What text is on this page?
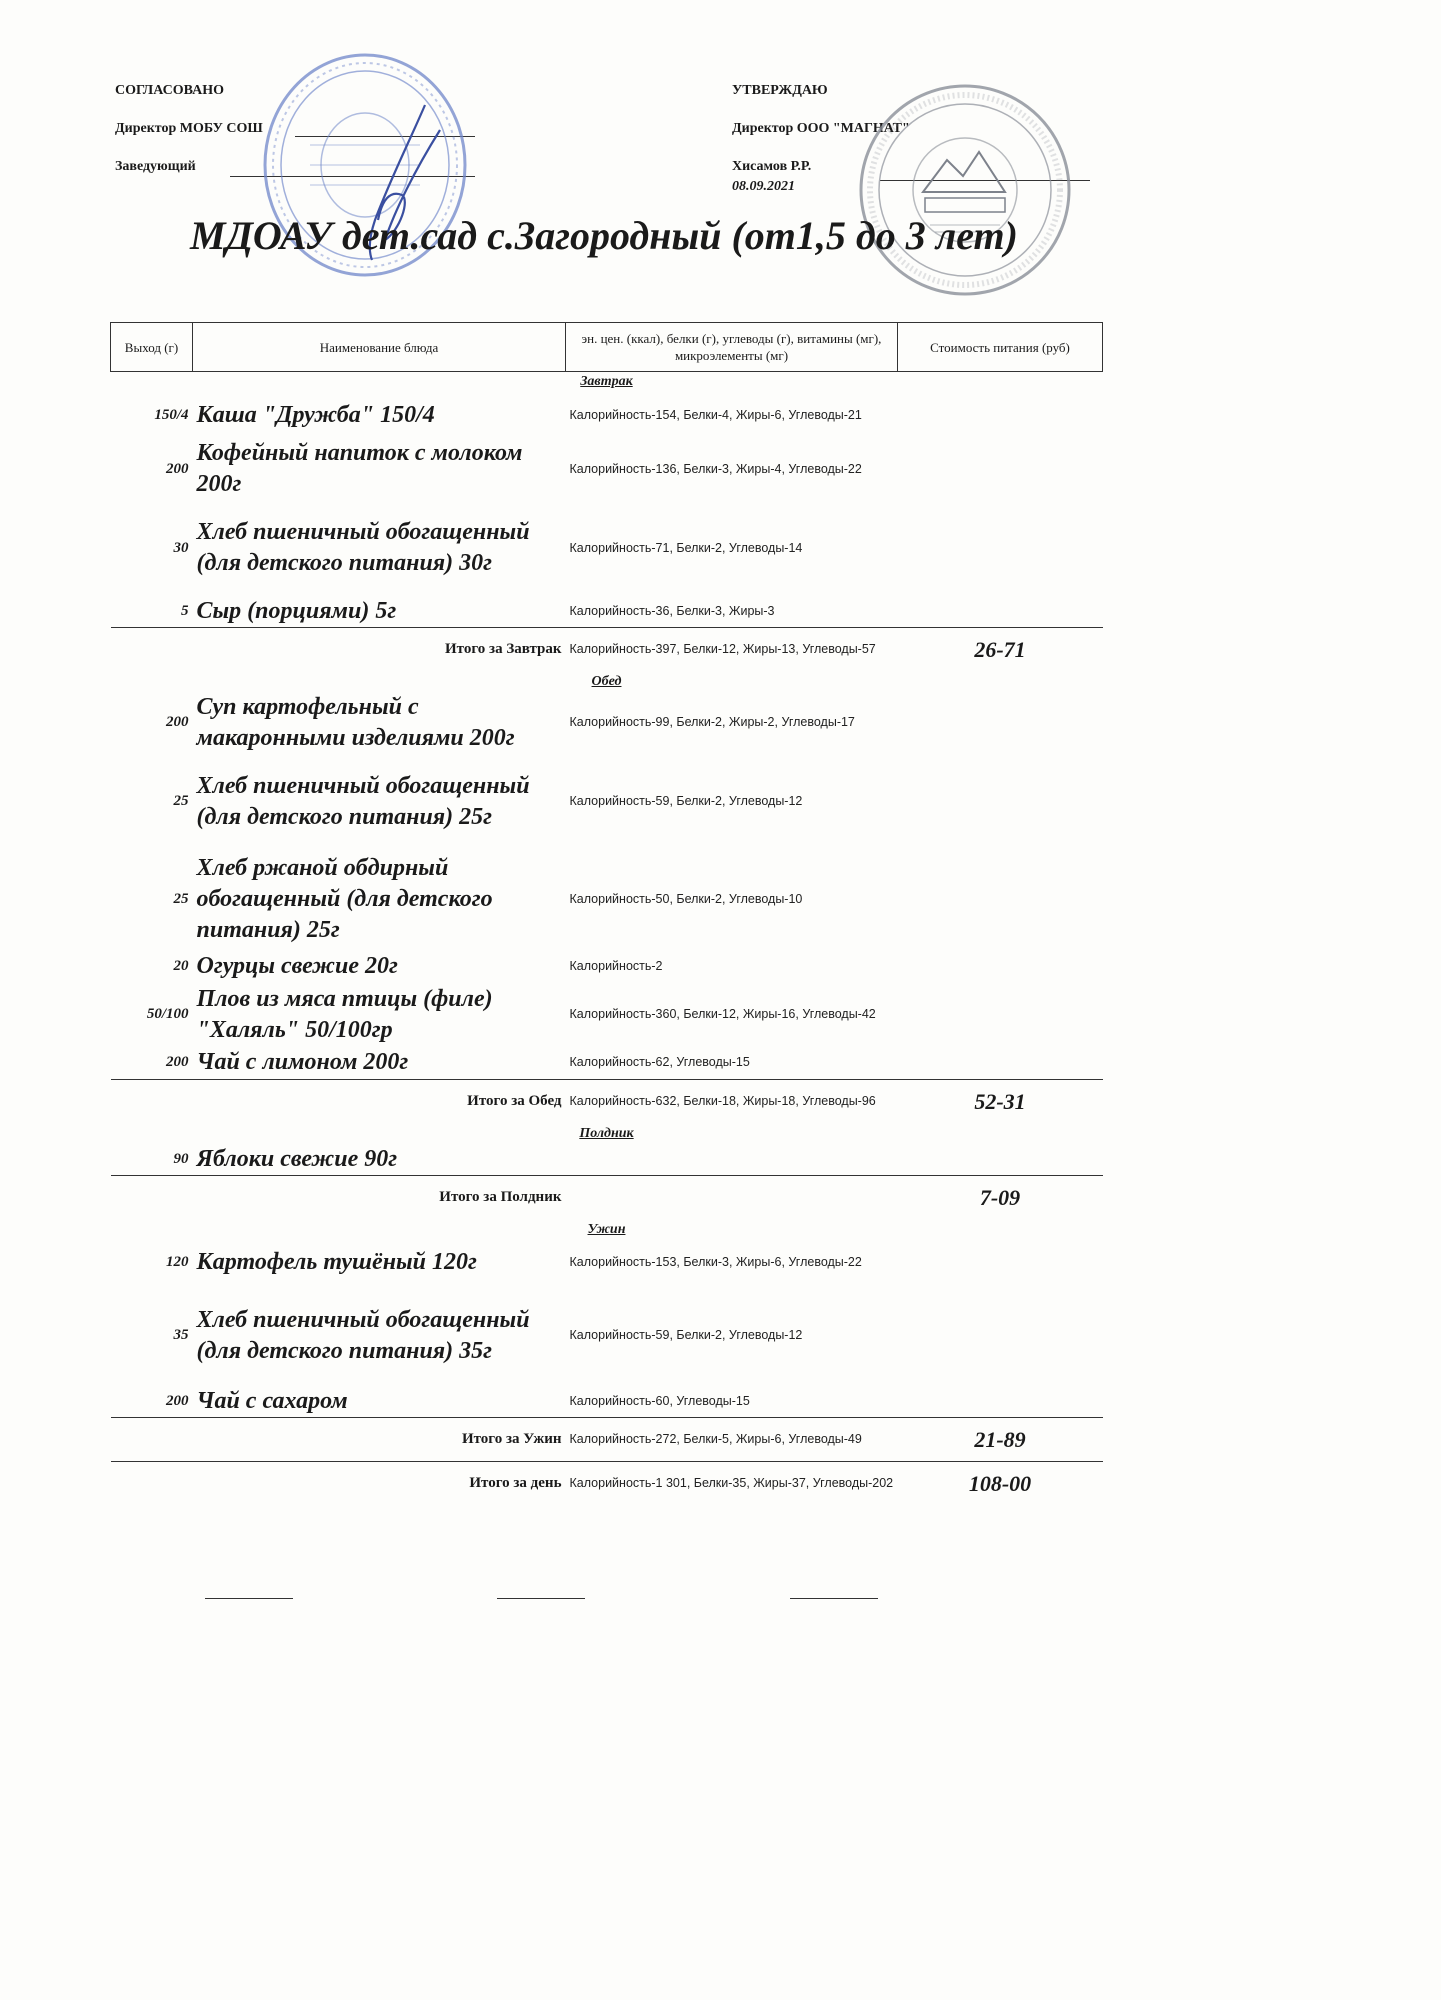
СОГЛАСОВАНО
Директор МОБУ СОШ
Заведующий
УТВЕРЖДАЮ
Директор ООО "МАГНАТ"
Хисамов Р.Р.
08.09.2021
МДОАУ дет.сад с.Загородный (от1,5 до 3 лет)
Выход (г)	Наименование блюда	эн. цен. (ккал), белки (г), углеводы (г), витамины (мг), микроэлементы (мг)	Стоимость питания (руб)
Завтрак			
150/4	Каша "Дружба" 150/4	Калорийность-154, Белки-4, Жиры-6, Углеводы-21	
200	Кофейный напиток с молоком 200г	Калорийность-136, Белки-3, Жиры-4, Углеводы-22	
30	Хлеб пшеничный обогащенный (для детского питания) 30г	Калорийность-71, Белки-2, Углеводы-14	
5	Сыр (порциями) 5г	Калорийность-36, Белки-3, Жиры-3	
Итого за Завтрак		Калорийность-397, Белки-12, Жиры-13, Углеводы-57	26-71
Обед			
200	Суп картофельный с макаронными изделиями 200г	Калорийность-99, Белки-2, Жиры-2, Углеводы-17	
25	Хлеб пшеничный обогащенный (для детского питания) 25г	Калорийность-59, Белки-2, Углеводы-12	
25	Хлеб ржаной обдирный обогащенный (для детского питания) 25г	Калорийность-50, Белки-2, Углеводы-10	
20	Огурцы свежие 20г	Калорийность-2	
50/100	Плов из мяса птицы (филе) "Халяль" 50/100гр	Калорийность-360, Белки-12, Жиры-16, Углеводы-42	
200	Чай с лимоном 200г	Калорийность-62, Углеводы-15	
Итого за Обед		Калорийность-632, Белки-18, Жиры-18, Углеводы-96	52-31
Полдник			
90	Яблоки свежие 90г		
Итого за Полдник			7-09
Ужин			
120	Картофель тушёный 120г	Калорийность-153, Белки-3, Жиры-6, Углеводы-22	
35	Хлеб пшеничный обогащенный (для детского питания) 35г	Калорийность-59, Белки-2, Углеводы-12	
200	Чай с сахаром	Калорийность-60, Углеводы-15	
Итого за Ужин		Калорийность-272, Белки-5, Жиры-6, Углеводы-49	21-89
Итого за день		Калорийность-1 301, Белки-35, Жиры-37, Углеводы-202	108-00
